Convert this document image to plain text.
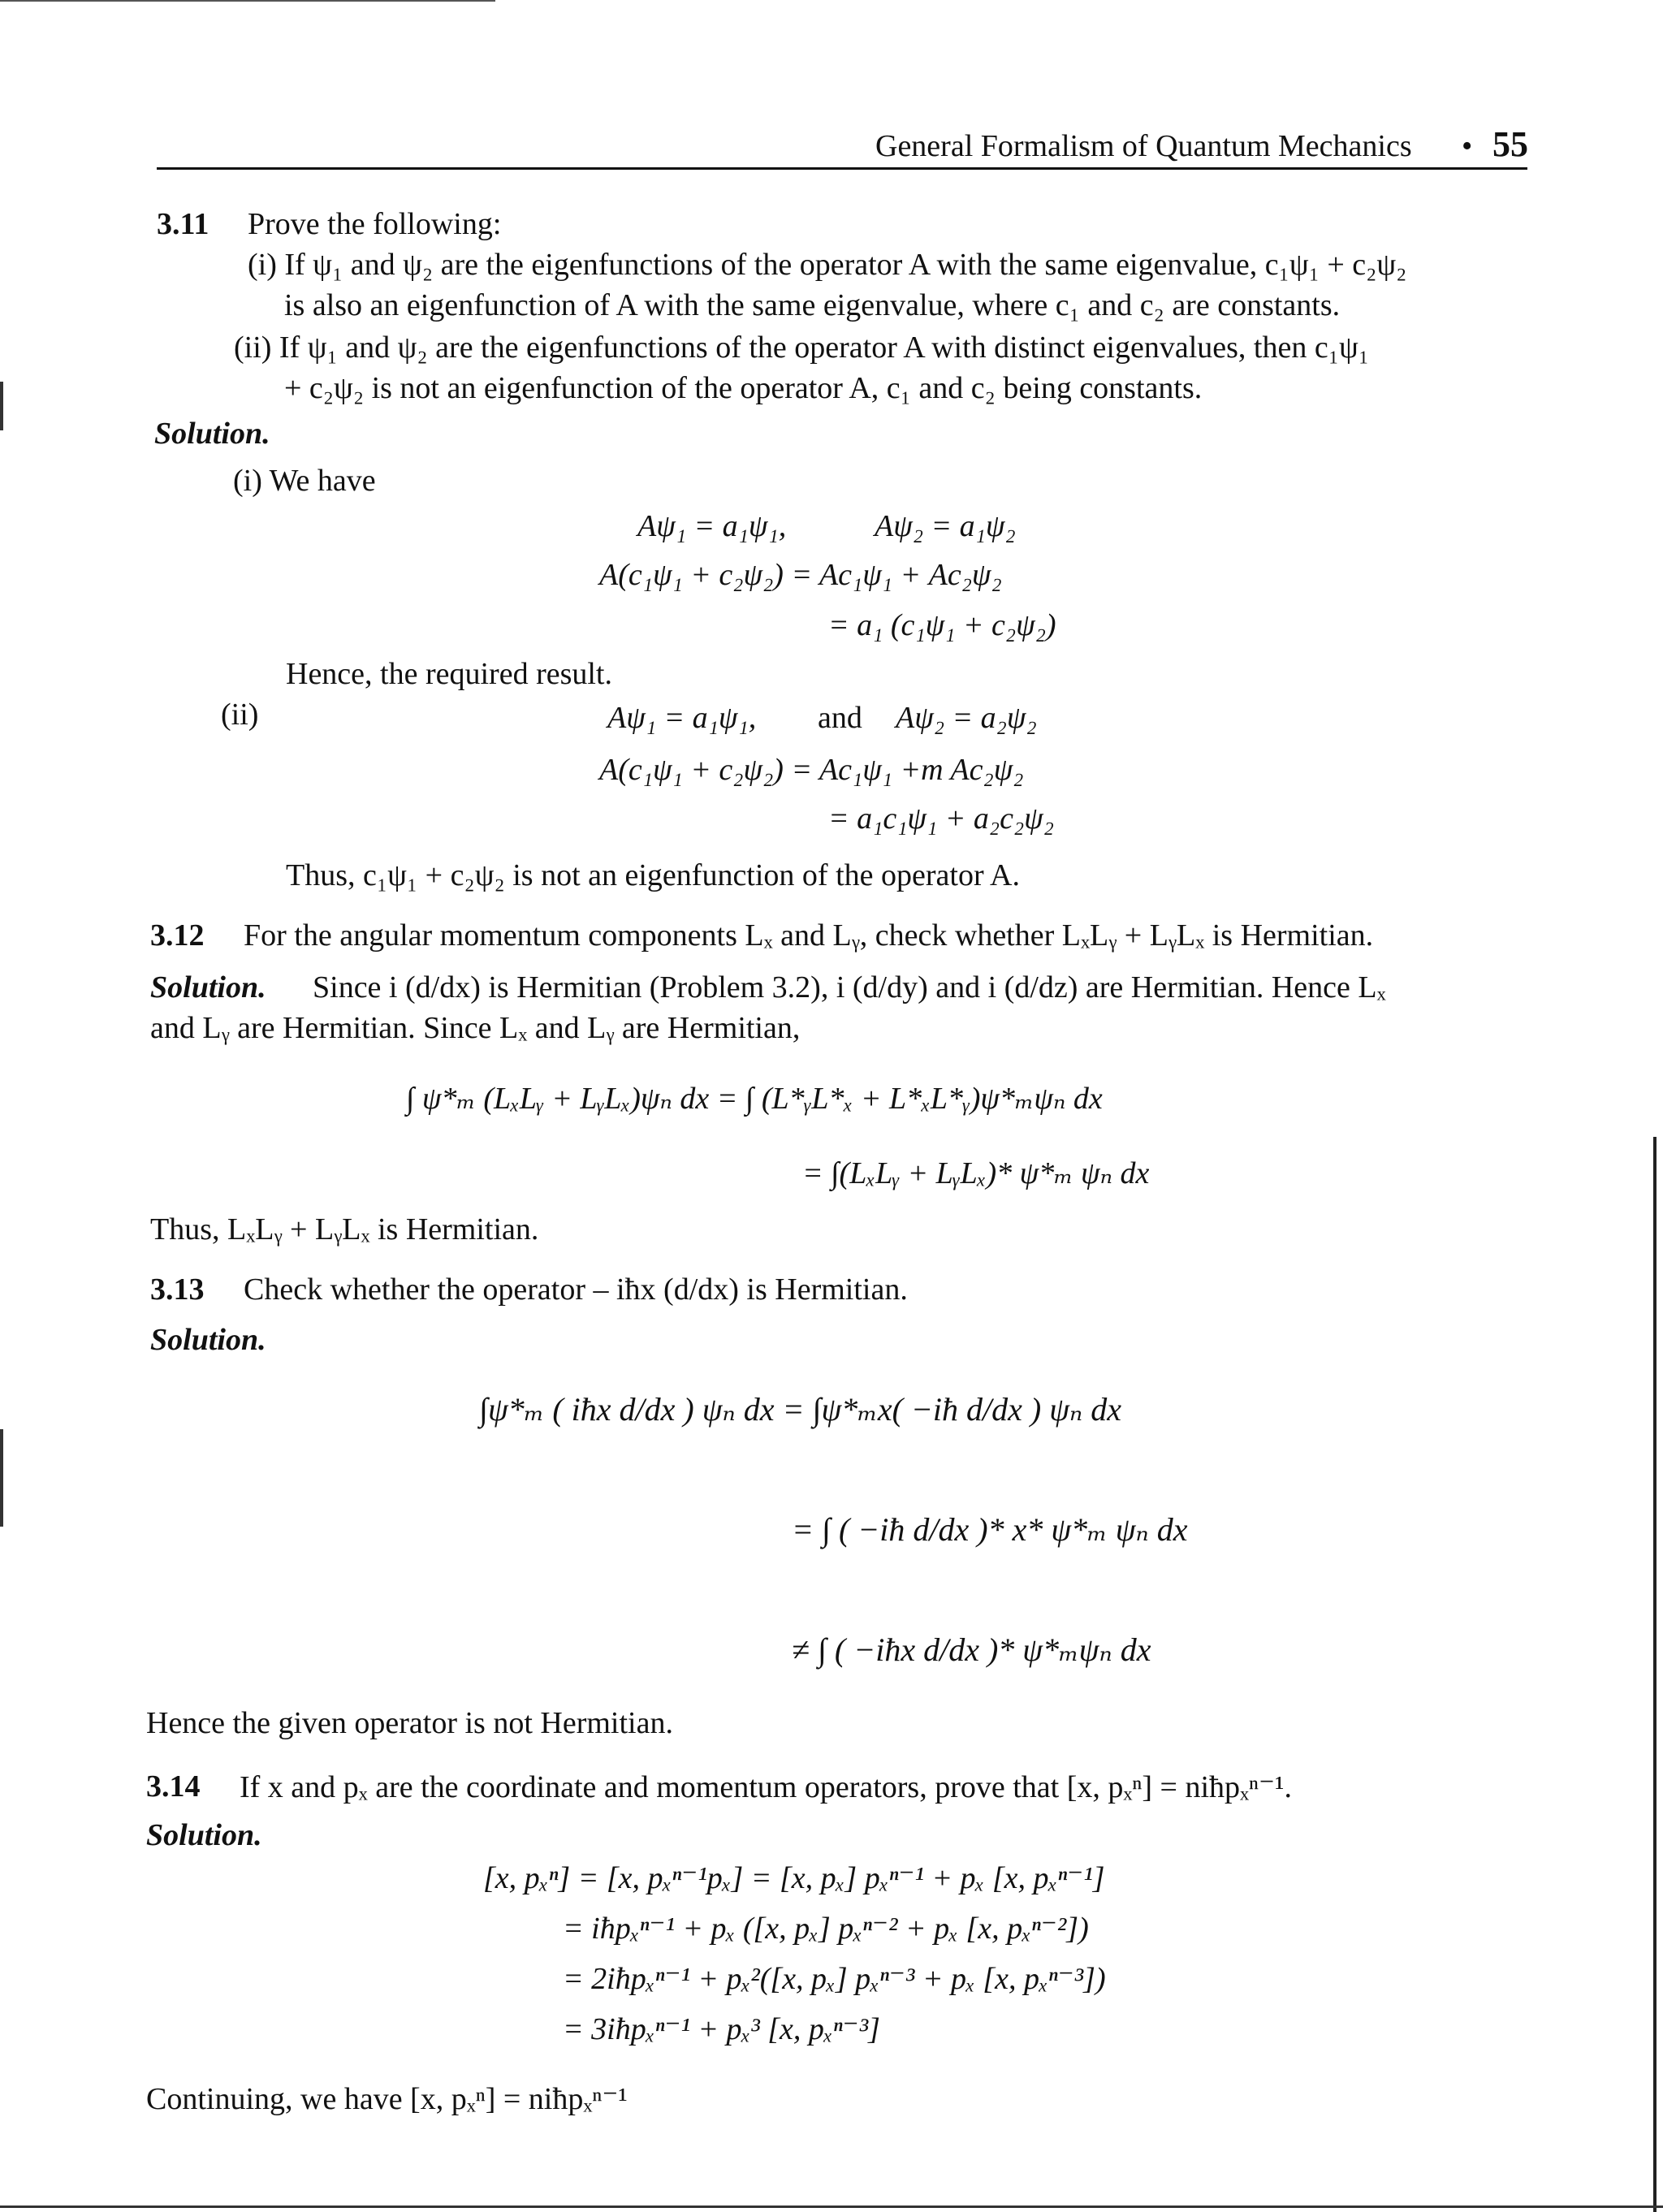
General Formalism of Quantum Mechanics • 55
3.11 Prove the following:
(i) If ψ₁ and ψ₂ are the eigenfunctions of the operator A with the same eigenvalue, c₁ψ₁ + c₂ψ₂
is also an eigenfunction of A with the same eigenvalue, where c₁ and c₂ are constants.
(ii) If ψ₁ and ψ₂ are the eigenfunctions of the operator A with distinct eigenvalues, then c₁ψ₁
+ c₂ψ₂ is not an eigenfunction of the operator A, c₁ and c₂ being constants.
Solution.
(i) We have
Aψ₁ = a₁ψ₁,	Aψ₂ = a₁ψ₂
A(c₁ψ₁ + c₂ψ₂) = Ac₁ψ₁ + Ac₂ψ₂
= a₁ (c₁ψ₁ + c₂ψ₂)
Hence, the required result.
(ii)	Aψ₁ = a₁ψ₁, and Aψ₂ = a₂ψ₂
A(c₁ψ₁ + c₂ψ₂) = Ac₁ψ₁ +m Ac₂ψ₂
= a₁c₁ψ₁ + a₂c₂ψ₂
Thus, c₁ψ₁ + c₂ψ₂ is not an eigenfunction of the operator A.
3.12 For the angular momentum components Lₓ and Lᵧ, check whether LₓLᵧ + LᵧLₓ is Hermitian.
Solution. Since i (d/dx) is Hermitian (Problem 3.2), i (d/dy) and i (d/dz) are Hermitian. Hence Lₓ
and Lᵧ are Hermitian. Since Lₓ and Lᵧ are Hermitian,
∫ ψ*ₘ (LₓLᵧ + LᵧLₓ)ψₙ dx = ∫ (L*ᵧL*ₓ + L*ₓL*ᵧ)ψ*ₘψₙ dx
= ∫(LₓLᵧ + LᵧLₓ)* ψ*ₘ ψₙ dx
Thus, LₓLᵧ + LᵧLₓ is Hermitian.
3.13 Check whether the operator – iħx (d/dx) is Hermitian.
Solution.
∫ψ*ₘ ( iħx d/dx ) ψₙ dx = ∫ψ*ₘx( −iħ d/dx ) ψₙ dx
= ∫ ( −iħ d/dx )* x* ψ*ₘ ψₙ dx
≠ ∫ ( −iħx d/dx )* ψ*ₘψₙ dx
Hence the given operator is not Hermitian.
3.14 If x and pₓ are the coordinate and momentum operators, prove that [x, pₓⁿ] = niħpₓⁿ⁻¹.
Solution.
[x, pₓⁿ] = [x, pₓⁿ⁻¹pₓ] = [x, pₓ] pₓⁿ⁻¹ + pₓ [x, pₓⁿ⁻¹]
= iħpₓⁿ⁻¹ + pₓ ([x, pₓ] pₓⁿ⁻² + pₓ [x, pₓⁿ⁻²])
= 2iħpₓⁿ⁻¹ + pₓ²([x, pₓ] pₓⁿ⁻³ + pₓ [x, pₓⁿ⁻³])
= 3iħpₓⁿ⁻¹ + pₓ³ [x, pₓⁿ⁻³]
Continuing, we have [x, pₓⁿ] = niħpₓⁿ⁻¹
